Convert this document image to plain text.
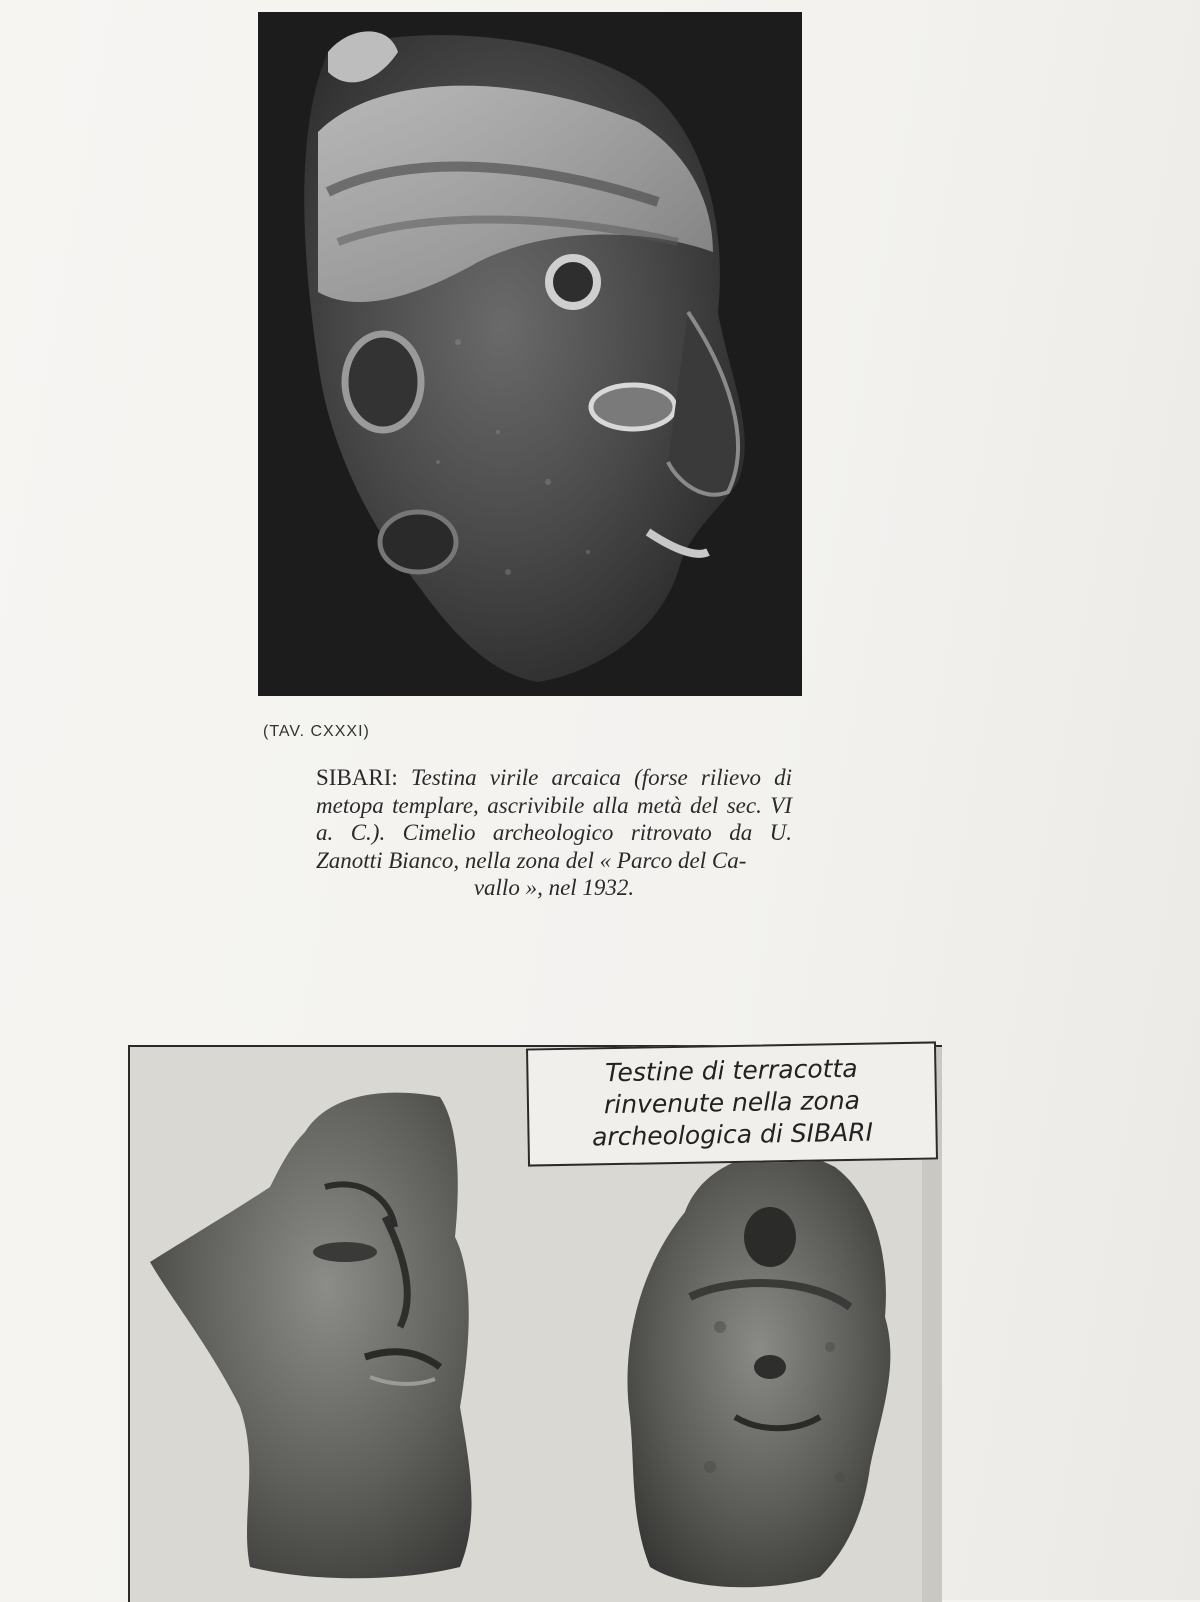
(TAV. CXXXI)
SIBARI: Testina virile arcaica (forse rilievo di metopa templare, ascrivibile alla metà del sec. VI a. C.). Cimelio archeologico ritrovato da U. Zanotti Bianco, nella zona del « Parco del Ca-
vallo », nel 1932.
Testine di terracotta
rinvenute nella zona
archeologica di SIBARI
